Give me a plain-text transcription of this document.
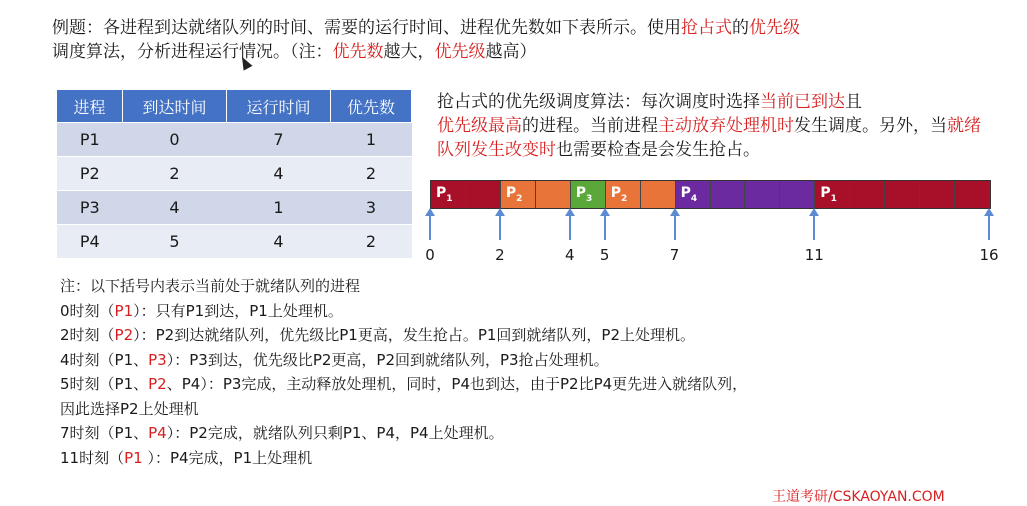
例题：各进程到达就绪队列的时间、需要的运行时间、进程优先数如下表所示。使用抢占式的优先级
调度算法，分析进程运行情况。（注：优先数越大，优先级越高）

进程	到达时间	运行时间	优先数
P1	0	7	1
P2	2	4	2
P3	4	1	3
P4	5	4	2

抢占式的优先级调度算法：每次调度时选择当前已到达且
优先级最高的进程。当前进程主动放弃处理机时发生调度。另外，当就绪队列发生改变时也需要检查是会发生抢占。

$P_1$	$P_2$	$P_3$ $P_2$	$P_4$	$P_1$
0	2	4 5	7	11	16

注：以下括号内表示当前处于就绪队列的进程
0时刻（P1）：只有P1到达，P1上处理机。
2时刻（P2）：P2到达就绪队列，优先级比P1更高，发生抢占。P1回到就绪队列，P2上处理机。
4时刻（P1、P3）：P3到达，优先级比P2更高，P2回到就绪队列，P3抢占处理机。
5时刻（P1、P2、P4）：P3完成，主动释放处理机，同时，P4也到达，由于P2比P4更先进入就绪队列，
因此选择P2上处理机
7时刻（P1、P4）：P2完成，就绪队列只剩P1、P4，P4上处理机。
11时刻（P1 ）：P4完成，P1上处理机

王道考研/CSKAOYAN.COM
